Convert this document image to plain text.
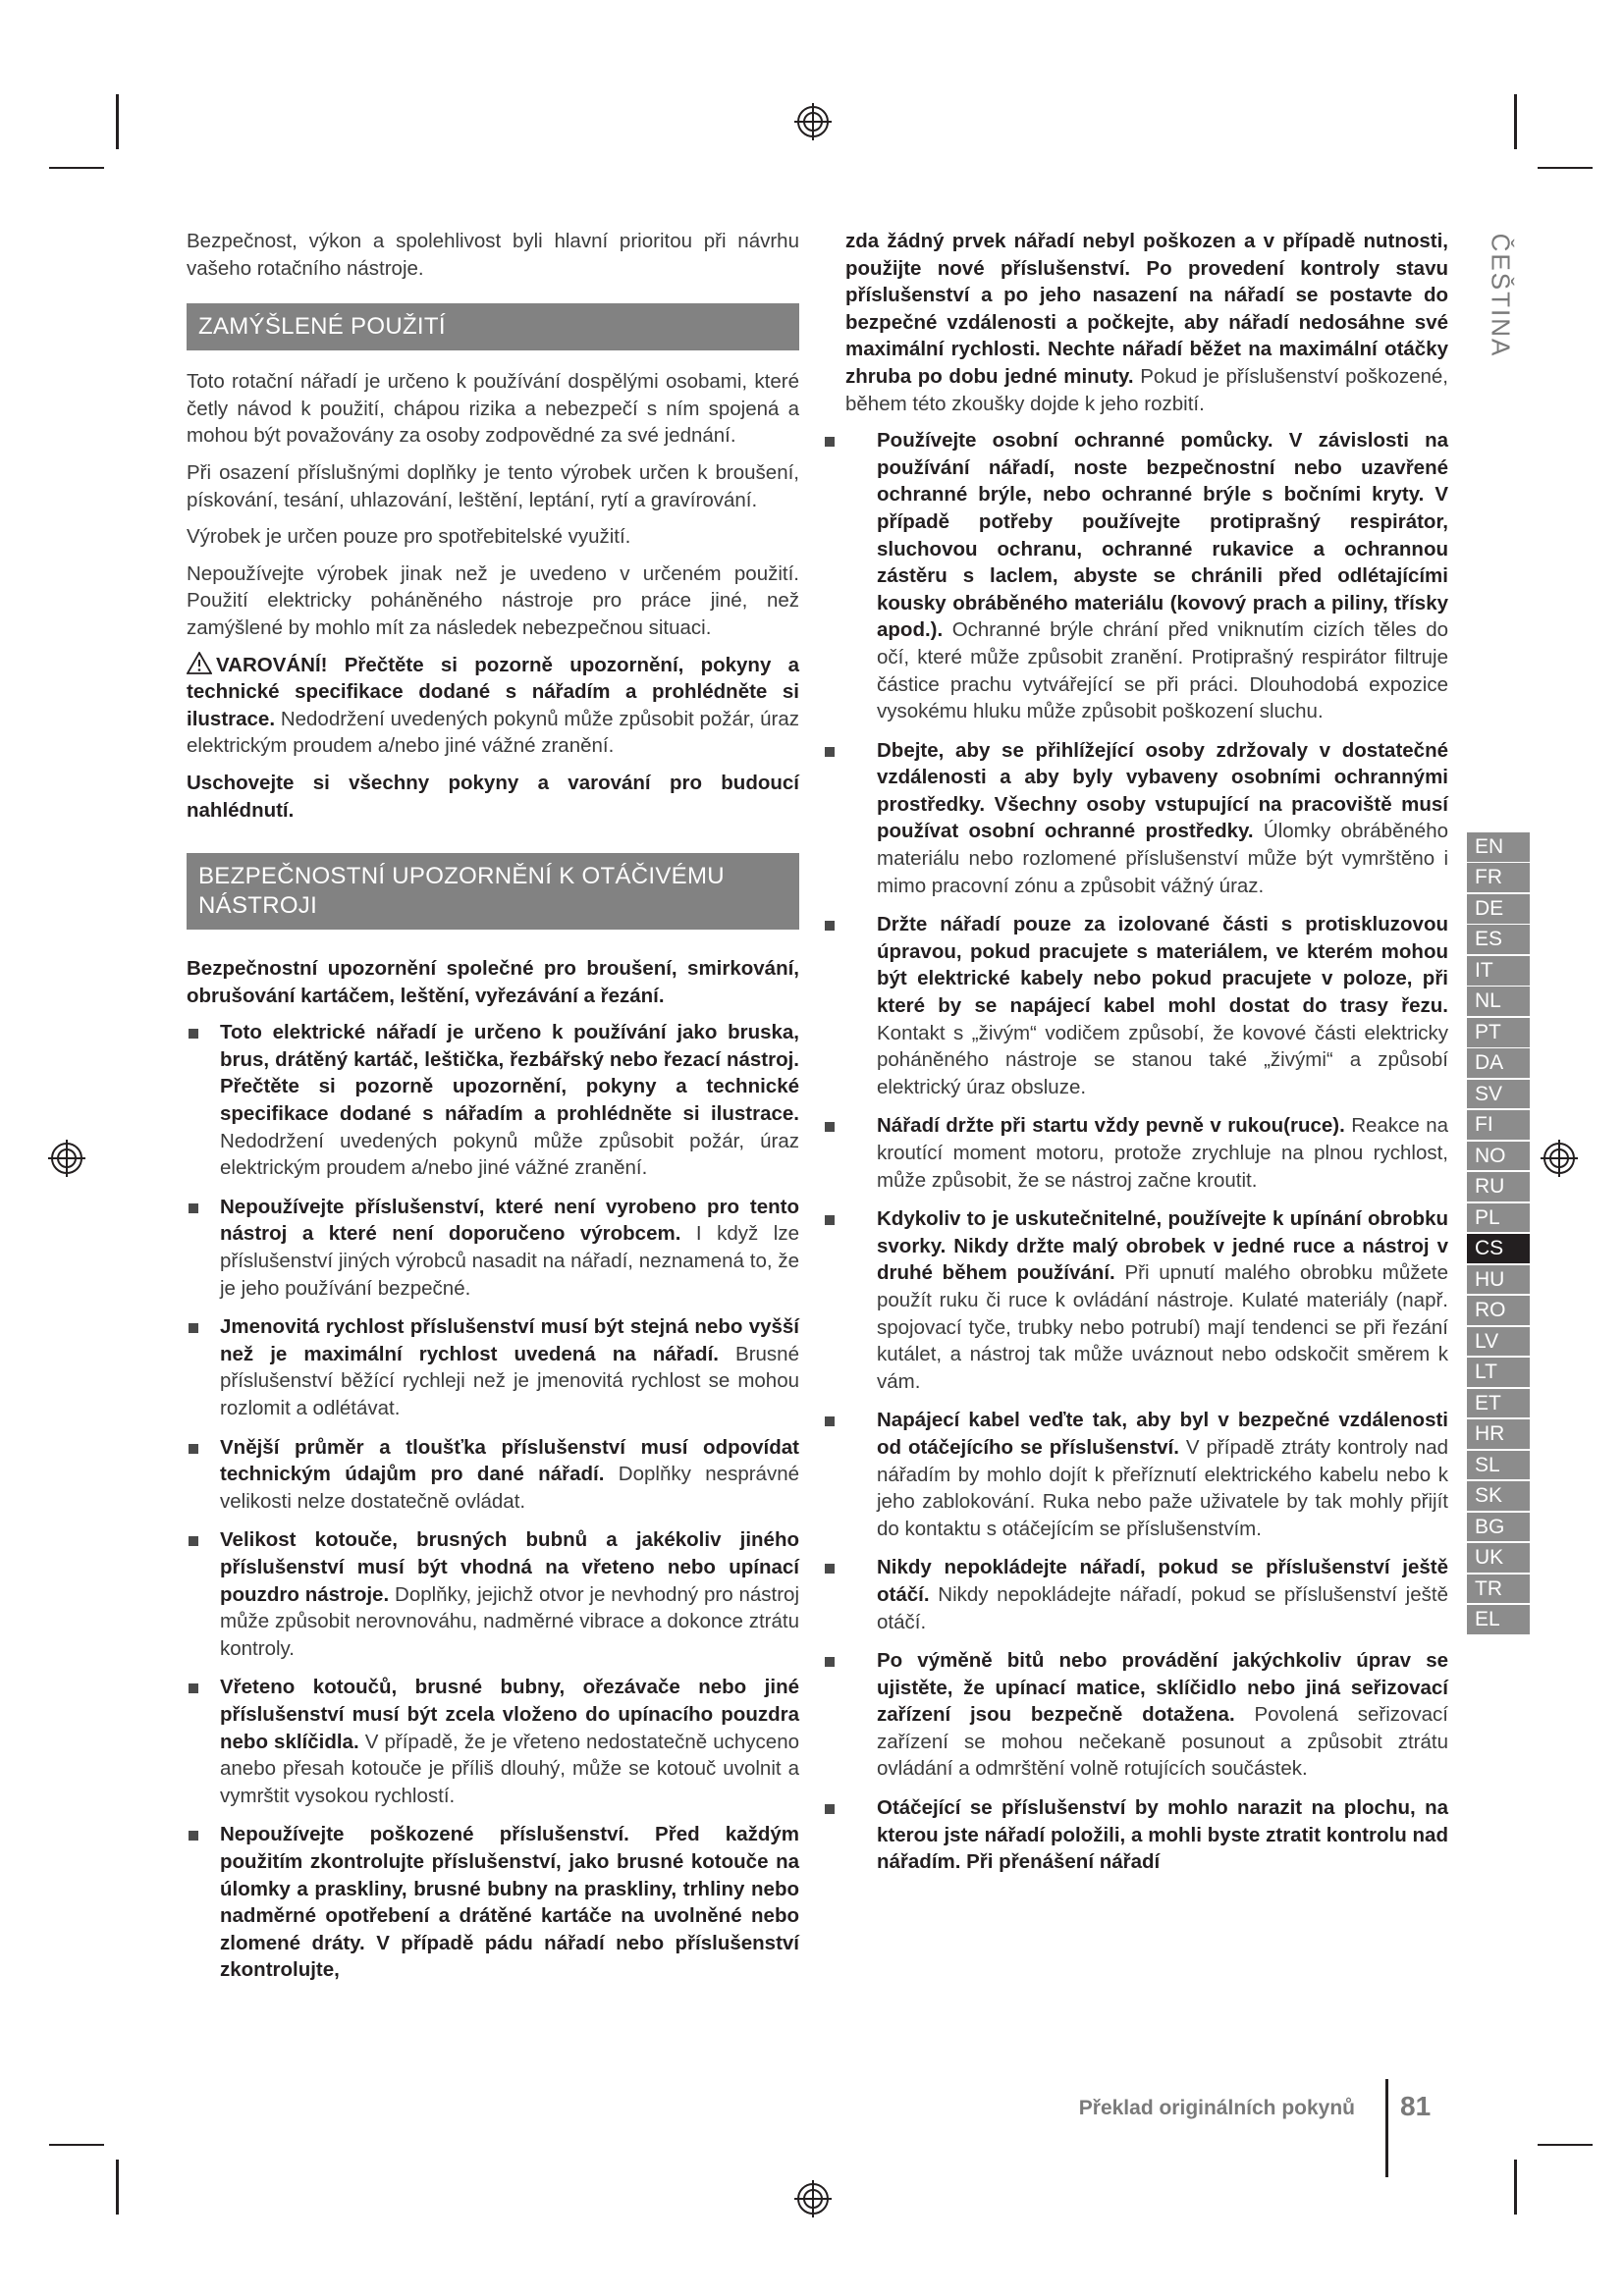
Bezpečnost, výkon a spolehlivost byli hlavní prioritou při návrhu vašeho rotačního nástroje.

ZAMÝŠLENÉ POUŽITÍ

Toto rotační nářadí je určeno k používání dospělými osobami, které četly návod k použití, chápou rizika a nebezpečí s ním spojená a mohou být považovány za osoby zodpovědné za své jednání.

Při osazení příslušnými doplňky je tento výrobek určen k broušení, pískování, tesání, uhlazování, leštění, leptání, rytí a gravírování.

Výrobek je určen pouze pro spotřebitelské využití.

Nepoužívejte výrobek jinak než je uvedeno v určeném použití. Použití elektricky poháněného nástroje pro práce jiné, než zamýšlené by mohlo mít za následek nebezpečnou situaci.

VAROVÁNÍ! Přečtěte si pozorně upozornění, pokyny a technické specifikace dodané s nářadím a prohlédněte si ilustrace. Nedodržení uvedených pokynů může způsobit požár, úraz elektrickým proudem a/nebo jiné vážné zranění.

Uschovejte si všechny pokyny a varování pro budoucí nahlédnutí.

BEZPEČNOSTNÍ UPOZORNĚNÍ K OTÁČIVÉMU NÁSTROJI

Bezpečnostní upozornění společné pro broušení, smirkování, obrušování kartáčem, leštění, vyřezávání a řezání.

Toto elektrické nářadí je určeno k používání jako bruska, brus, drátěný kartáč, leštička, řezbářský nebo řezací nástroj. Přečtěte si pozorně upozornění, pokyny a technické specifikace dodané s nářadím a prohlédněte si ilustrace. Nedodržení uvedených pokynů může způsobit požár, úraz elektrickým proudem a/nebo jiné vážné zranění.
Nepoužívejte příslušenství, které není vyrobeno pro tento nástroj a které není doporučeno výrobcem. I když lze příslušenství jiných výrobců nasadit na nářadí, neznamená to, že je jeho používání bezpečné.
Jmenovitá rychlost příslušenství musí být stejná nebo vyšší než je maximální rychlost uvedená na nářadí. Brusné příslušenství běžící rychleji než je jmenovitá rychlost se mohou rozlomit a odlétávat.
Vnější průměr a tloušťka příslušenství musí odpovídat technickým údajům pro dané nářadí. Doplňky nesprávné velikosti nelze dostatečně ovládat.
Velikost kotouče, brusných bubnů a jakékoliv jiného příslušenství musí být vhodná na vřeteno nebo upínací pouzdro nástroje. Doplňky, jejichž otvor je nevhodný pro nástroj může způsobit nerovnováhu, nadměrné vibrace a dokonce ztrátu kontroly.
Vřeteno kotoučů, brusné bubny, ořezávače nebo jiné příslušenství musí být zcela vloženo do upínacího pouzdra nebo sklíčidla. V případě, že je vřeteno nedostatečně uchyceno anebo přesah kotouče je příliš dlouhý, může se kotouč uvolnit a vymrštit vysokou rychlostí.
Nepoužívejte poškozené příslušenství. Před každým použitím zkontrolujte příslušenství, jako brusné kotouče na úlomky a praskliny, brusné bubny na praskliny, trhliny nebo nadměrné opotřebení a drátěné kartáče na uvolněné nebo zlomené dráty. V případě pádu nářadí nebo příslušenství zkontrolujte,

zda žádný prvek nářadí nebyl poškozen a v případě nutnosti, použijte nové příslušenství. Po provedení kontroly stavu příslušenství a po jeho nasazení na nářadí se postavte do bezpečné vzdálenosti a počkejte, aby nářadí nedosáhne své maximální rychlosti. Nechte nářadí běžet na maximální otáčky zhruba po dobu jedné minuty. Pokud je příslušenství poškozené, během této zkoušky dojde k jeho rozbití.

Používejte osobní ochranné pomůcky. V závislosti na používání nářadí, noste bezpečnostní nebo uzavřené ochranné brýle, nebo ochranné brýle s bočními kryty. V případě potřeby používejte protiprašný respirátor, sluchovou ochranu, ochranné rukavice a ochrannou zástěru s laclem, abyste se chránili před odlétajícími kousky obráběného materiálu (kovový prach a piliny, třísky apod.). Ochranné brýle chrání před vniknutím cizích těles do očí, které může způsobit zranění. Protiprašný respirátor filtruje částice prachu vytvářející se při práci. Dlouhodobá expozice vysokému hluku může způsobit poškození sluchu.
Dbejte, aby se přihlížející osoby zdržovaly v dostatečné vzdálenosti a aby byly vybaveny osobními ochrannými prostředky. Všechny osoby vstupující na pracoviště musí používat osobní ochranné prostředky. Úlomky obráběného materiálu nebo rozlomené příslušenství může být vymrštěno i mimo pracovní zónu a způsobit vážný úraz.
Držte nářadí pouze za izolované části s protiskluzovou úpravou, pokud pracujete s materiálem, ve kterém mohou být elektrické kabely nebo pokud pracujete v poloze, při které by se napájecí kabel mohl dostat do trasy řezu. Kontakt s „živým“ vodičem způsobí, že kovové části elektricky poháněného nástroje se stanou také „živými“ a způsobí elektrický úraz obsluze.
Nářadí držte při startu vždy pevně v rukou(ruce). Reakce na kroutící moment motoru, protože zrychluje na plnou rychlost, může způsobit, že se nástroj začne kroutit.
Kdykoliv to je uskutečnitelné, používejte k upínání obrobku svorky. Nikdy držte malý obrobek v jedné ruce a nástroj v druhé během používání. Při upnutí malého obrobku můžete použít ruku či ruce k ovládání nástroje. Kulaté materiály (např. spojovací tyče, trubky nebo potrubí) mají tendenci se při řezání kutálet, a nástroj tak může uváznout nebo odskočit směrem k vám.
Napájecí kabel veďte tak, aby byl v bezpečné vzdálenosti od otáčejícího se příslušenství. V případě ztráty kontroly nad nářadím by mohlo dojít k přeříznutí elektrického kabelu nebo k jeho zablokování. Ruka nebo paže uživatele by tak mohly přijít do kontaktu s otáčejícím se příslušenstvím.
Nikdy nepokládejte nářadí, pokud se příslušenství ještě otáčí. Nikdy nepokládejte nářadí, pokud se příslušenství ještě otáčí.
Po výměně bitů nebo provádění jakýchkoliv úprav se ujistěte, že upínací matice, sklíčidlo nebo jiná seřizovací zařízení jsou bezpečně dotažena. Povolená seřizovací zařízení se mohou nečekaně posunout a způsobit ztrátu ovládání a odmrštění volně rotujících součástek.
Otáčející se příslušenství by mohlo narazit na plochu, na kterou jste nářadí položili, a mohli byste ztratit kontrolu nad nářadím. Při přenášení nářadí
ČEŠTINA
EN
FR
DE
ES
IT
NL
PT
DA
SV
FI
NO
RU
PL
CS
HU
RO
LV
LT
ET
HR
SL
SK
BG
UK
TR
EL
Překlad originálních pokynů 81
